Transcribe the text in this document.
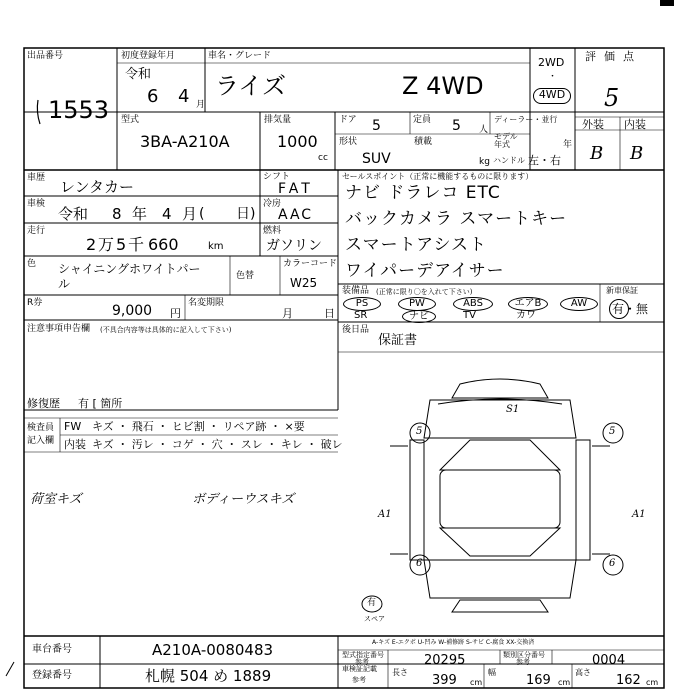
出品番号
1553
初度登録年月
令和
6 4 月
車名・グレード
ライズ	Z 4WD
2WD
・
4WD
評価点
5
外装 内装
B B
型式
3BA-A210A
排気量
1000
cc
ドア 5	定員 5 人
ディーラー・並行
モデル
年式	年
形状
SUV
積載
kg ハンドル 左・右
車歴 レンタカー
シフト
FAT
車検
令和 8 年 4 月 ( 日)
冷房
AAC
走行
2 万 5 千 660	km
燃料
ガソリン
色 シャイニングホワイトパー
ル
色替
カラーコード
W25
R券	9,000 円
名変期限
月	日
注意事項申告欄 (不具合内容等は具体的に記入して下さい)
修復歴 有 [ 箇所
検査員
記入欄
FW キズ ・ 飛石 ・ ヒビ割 ・ リペア跡 ・ ×要
内装 キズ ・ 汚レ ・ コゲ ・ 穴 ・ スレ ・ キレ ・ 破レ
荷室キズ	ボディーウスキズ
セールスポイント（正常に機能するものに限ります）
ナビ ドラレコ ETC
バックカメラ スマートキー
スマートアシスト
ワイパーデアイサー
装備品 (正常に限り〇を入れて下さい)
PS	PW	ABS	エアB	AW
SR	ナビ	TV	カワ
新車保証
有・無
後日品
保証書
S1
5	5
A1	A1
6	6
有
スペア
A-キズ E-エクボ U-凹み W-補修跡 S-サビ C-腐食 XX-交換済
車台番号	A210A-0080483
登録番号	札幌 504 め 1889
型式指定番号
参考	20295	類別区分番号
参考	0004
車検証記載
参考
長さ
399 cm
幅
169 cm
高さ
162 cm
